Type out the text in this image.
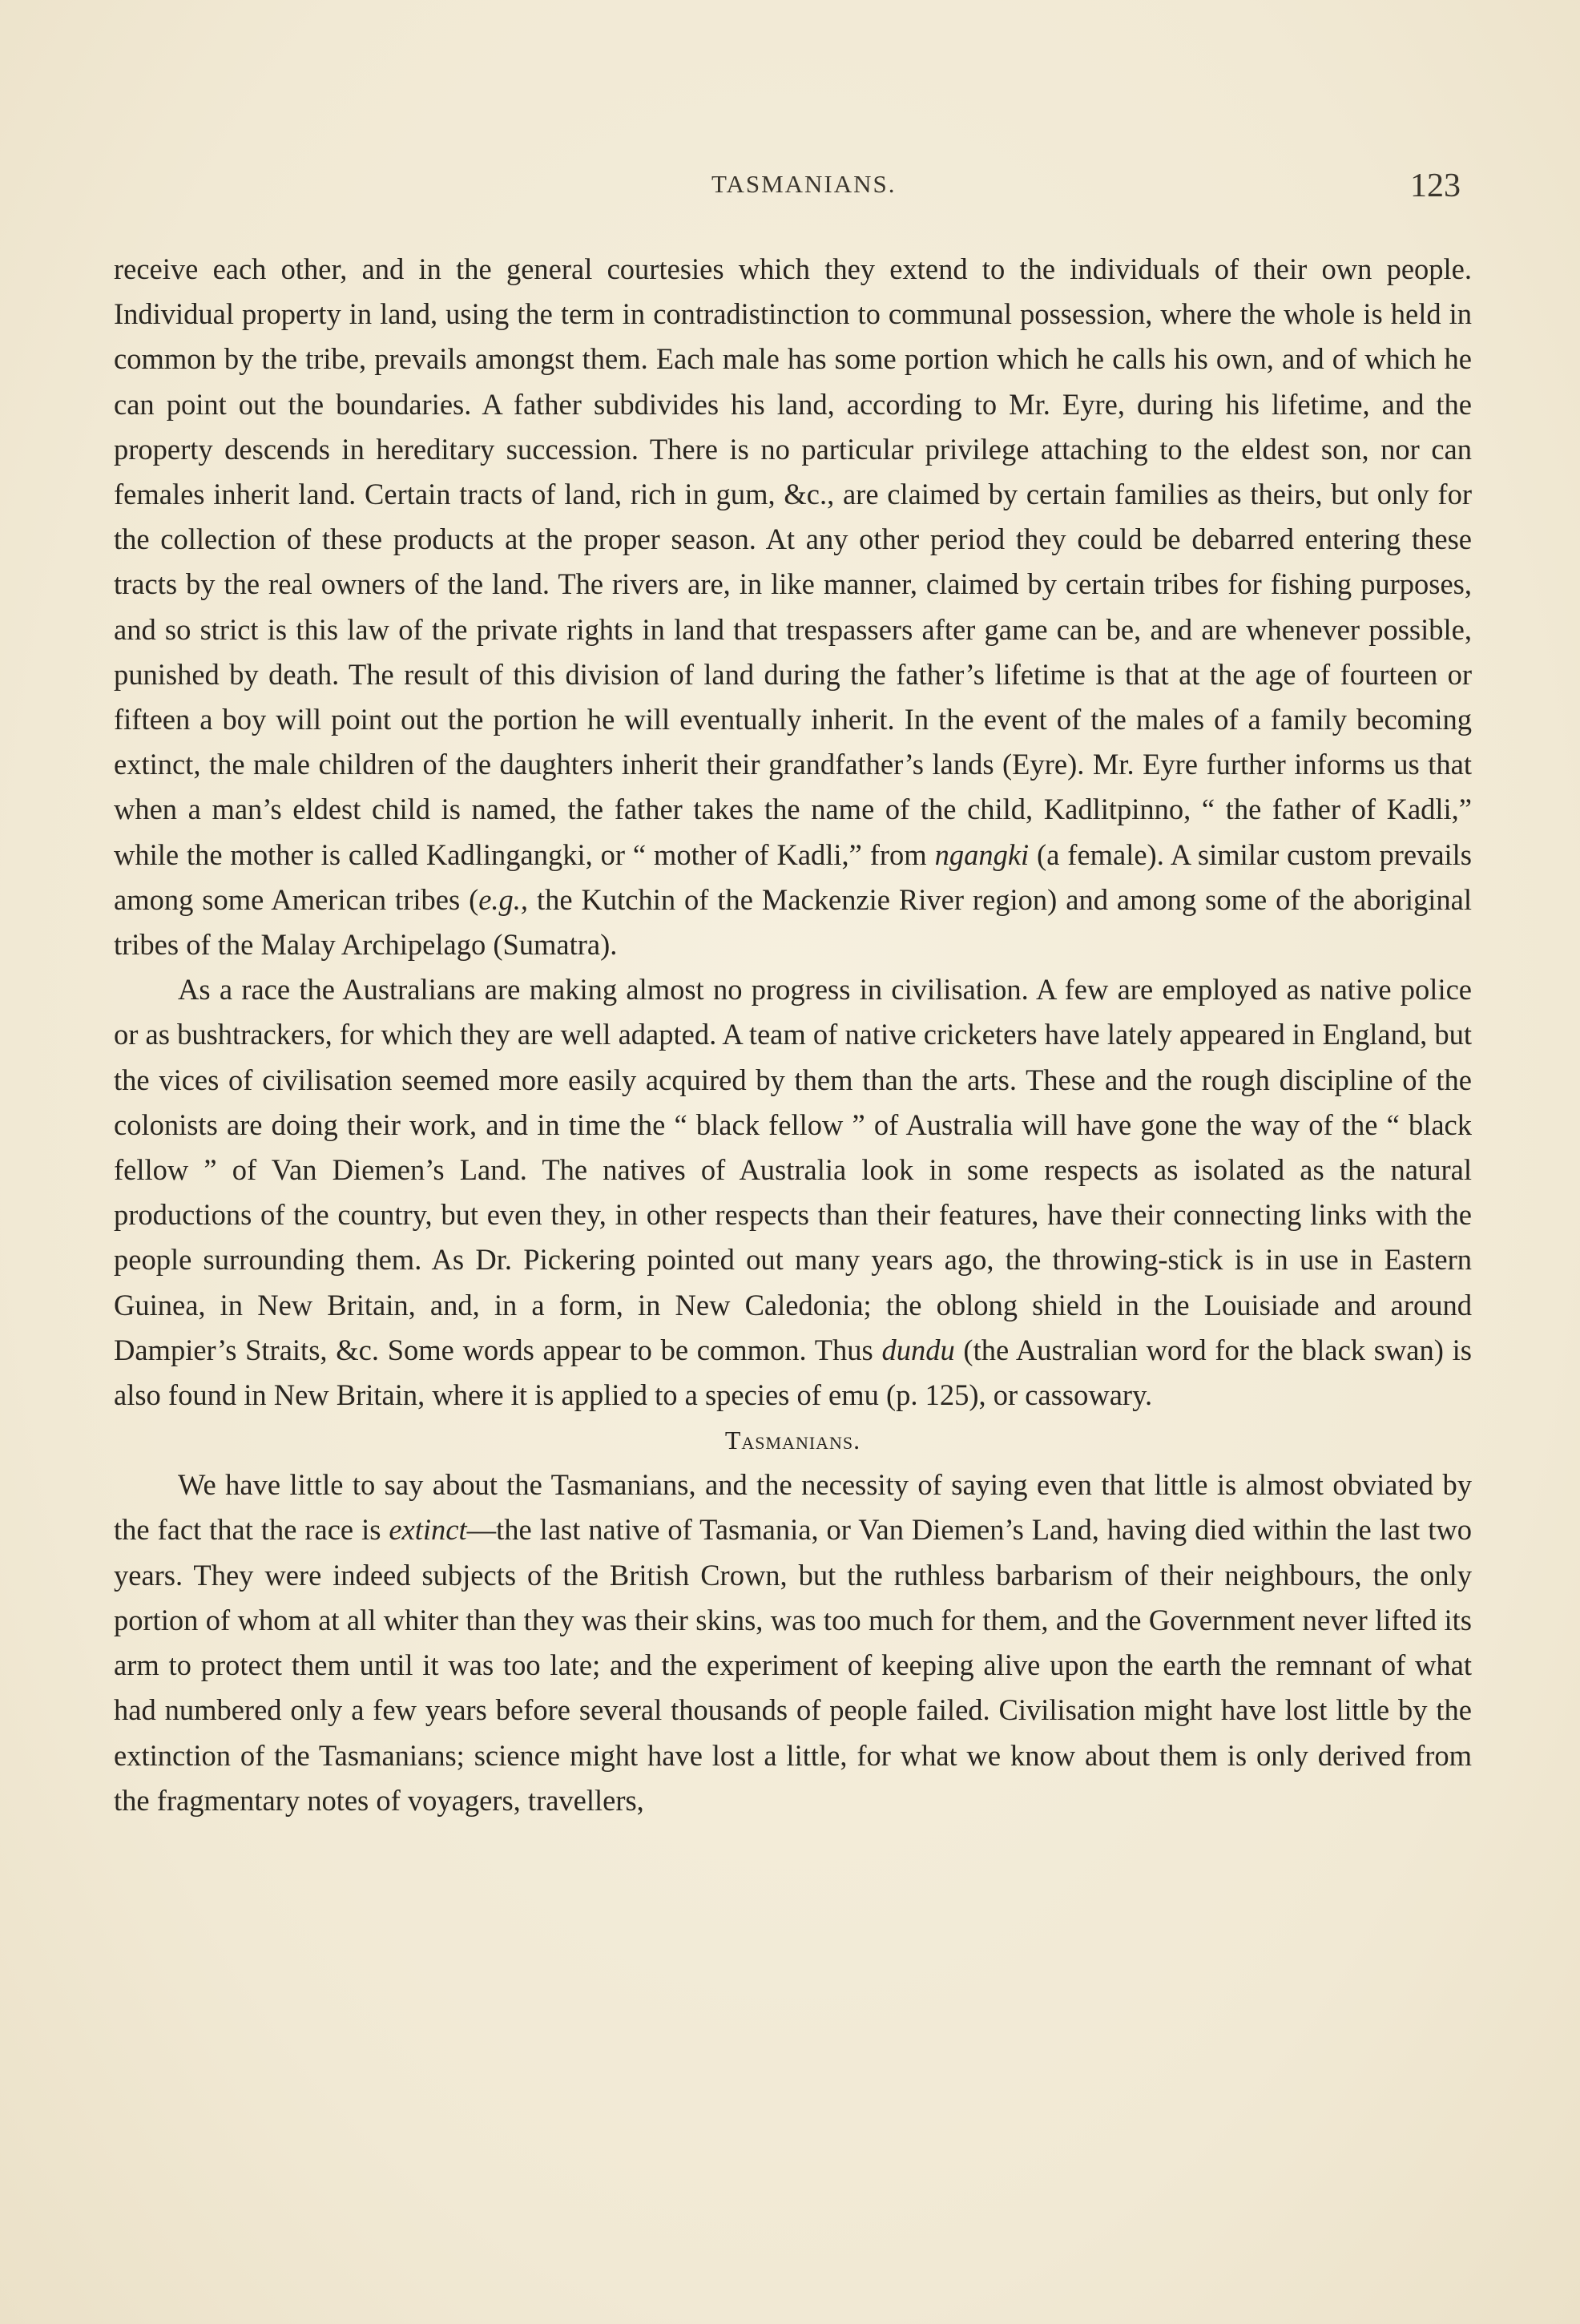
TASMANIANS.	123

receive each other, and in the general courtesies which they extend to the individuals of their own people. Individual property in land, using the term in contradistinction to communal possession, where the whole is held in common by the tribe, prevails amongst them. Each male has some portion which he calls his own, and of which he can point out the boundaries. A father subdivides his land, according to Mr. Eyre, during his lifetime, and the property descends in hereditary succession. There is no particular privilege attaching to the eldest son, nor can females inherit land. Certain tracts of land, rich in gum, &c., are claimed by certain families as theirs, but only for the collection of these products at the proper season. At any other period they could be debarred entering these tracts by the real owners of the land. The rivers are, in like manner, claimed by certain tribes for fishing purposes, and so strict is this law of the private rights in land that trespassers after game can be, and are whenever possible, punished by death. The result of this division of land during the father’s lifetime is that at the age of fourteen or fifteen a boy will point out the portion he will eventually inherit. In the event of the males of a family becoming extinct, the male children of the daughters inherit their grandfather’s lands (Eyre). Mr. Eyre further informs us that when a man’s eldest child is named, the father takes the name of the child, Kadlitpinno, “ the father of Kadli,” while the mother is called Kadlingangki, or “ mother of Kadli,” from ngangki (a female). A similar custom prevails among some American tribes (e.g., the Kutchin of the Mackenzie River region) and among some of the aboriginal tribes of the Malay Archipelago (Sumatra).

As a race the Australians are making almost no progress in civilisation. A few are employed as native police or as bushtrackers, for which they are well adapted. A team of native cricketers have lately appeared in England, but the vices of civilisation seemed more easily acquired by them than the arts. These and the rough discipline of the colonists are doing their work, and in time the “ black fellow ” of Australia will have gone the way of the “ black fellow ” of Van Diemen’s Land. The natives of Australia look in some respects as isolated as the natural productions of the country, but even they, in other respects than their features, have their connecting links with the people surrounding them. As Dr. Pickering pointed out many years ago, the throwing-stick is in use in Eastern Guinea, in New Britain, and, in a form, in New Caledonia; the oblong shield in the Louisiade and around Dampier’s Straits, &c. Some words appear to be common. Thus dundu (the Australian word for the black swan) is also found in New Britain, where it is applied to a species of emu (p. 125), or cassowary.

Tasmanians.

We have little to say about the Tasmanians, and the necessity of saying even that little is almost obviated by the fact that the race is extinct—the last native of Tasmania, or Van Diemen’s Land, having died within the last two years. They were indeed subjects of the British Crown, but the ruthless barbarism of their neighbours, the only portion of whom at all whiter than they was their skins, was too much for them, and the Government never lifted its arm to protect them until it was too late; and the experiment of keeping alive upon the earth the remnant of what had numbered only a few years before several thousands of people failed. Civilisation might have lost little by the extinction of the Tasmanians; science might have lost a little, for what we know about them is only derived from the fragmentary notes of voyagers, travellers,
